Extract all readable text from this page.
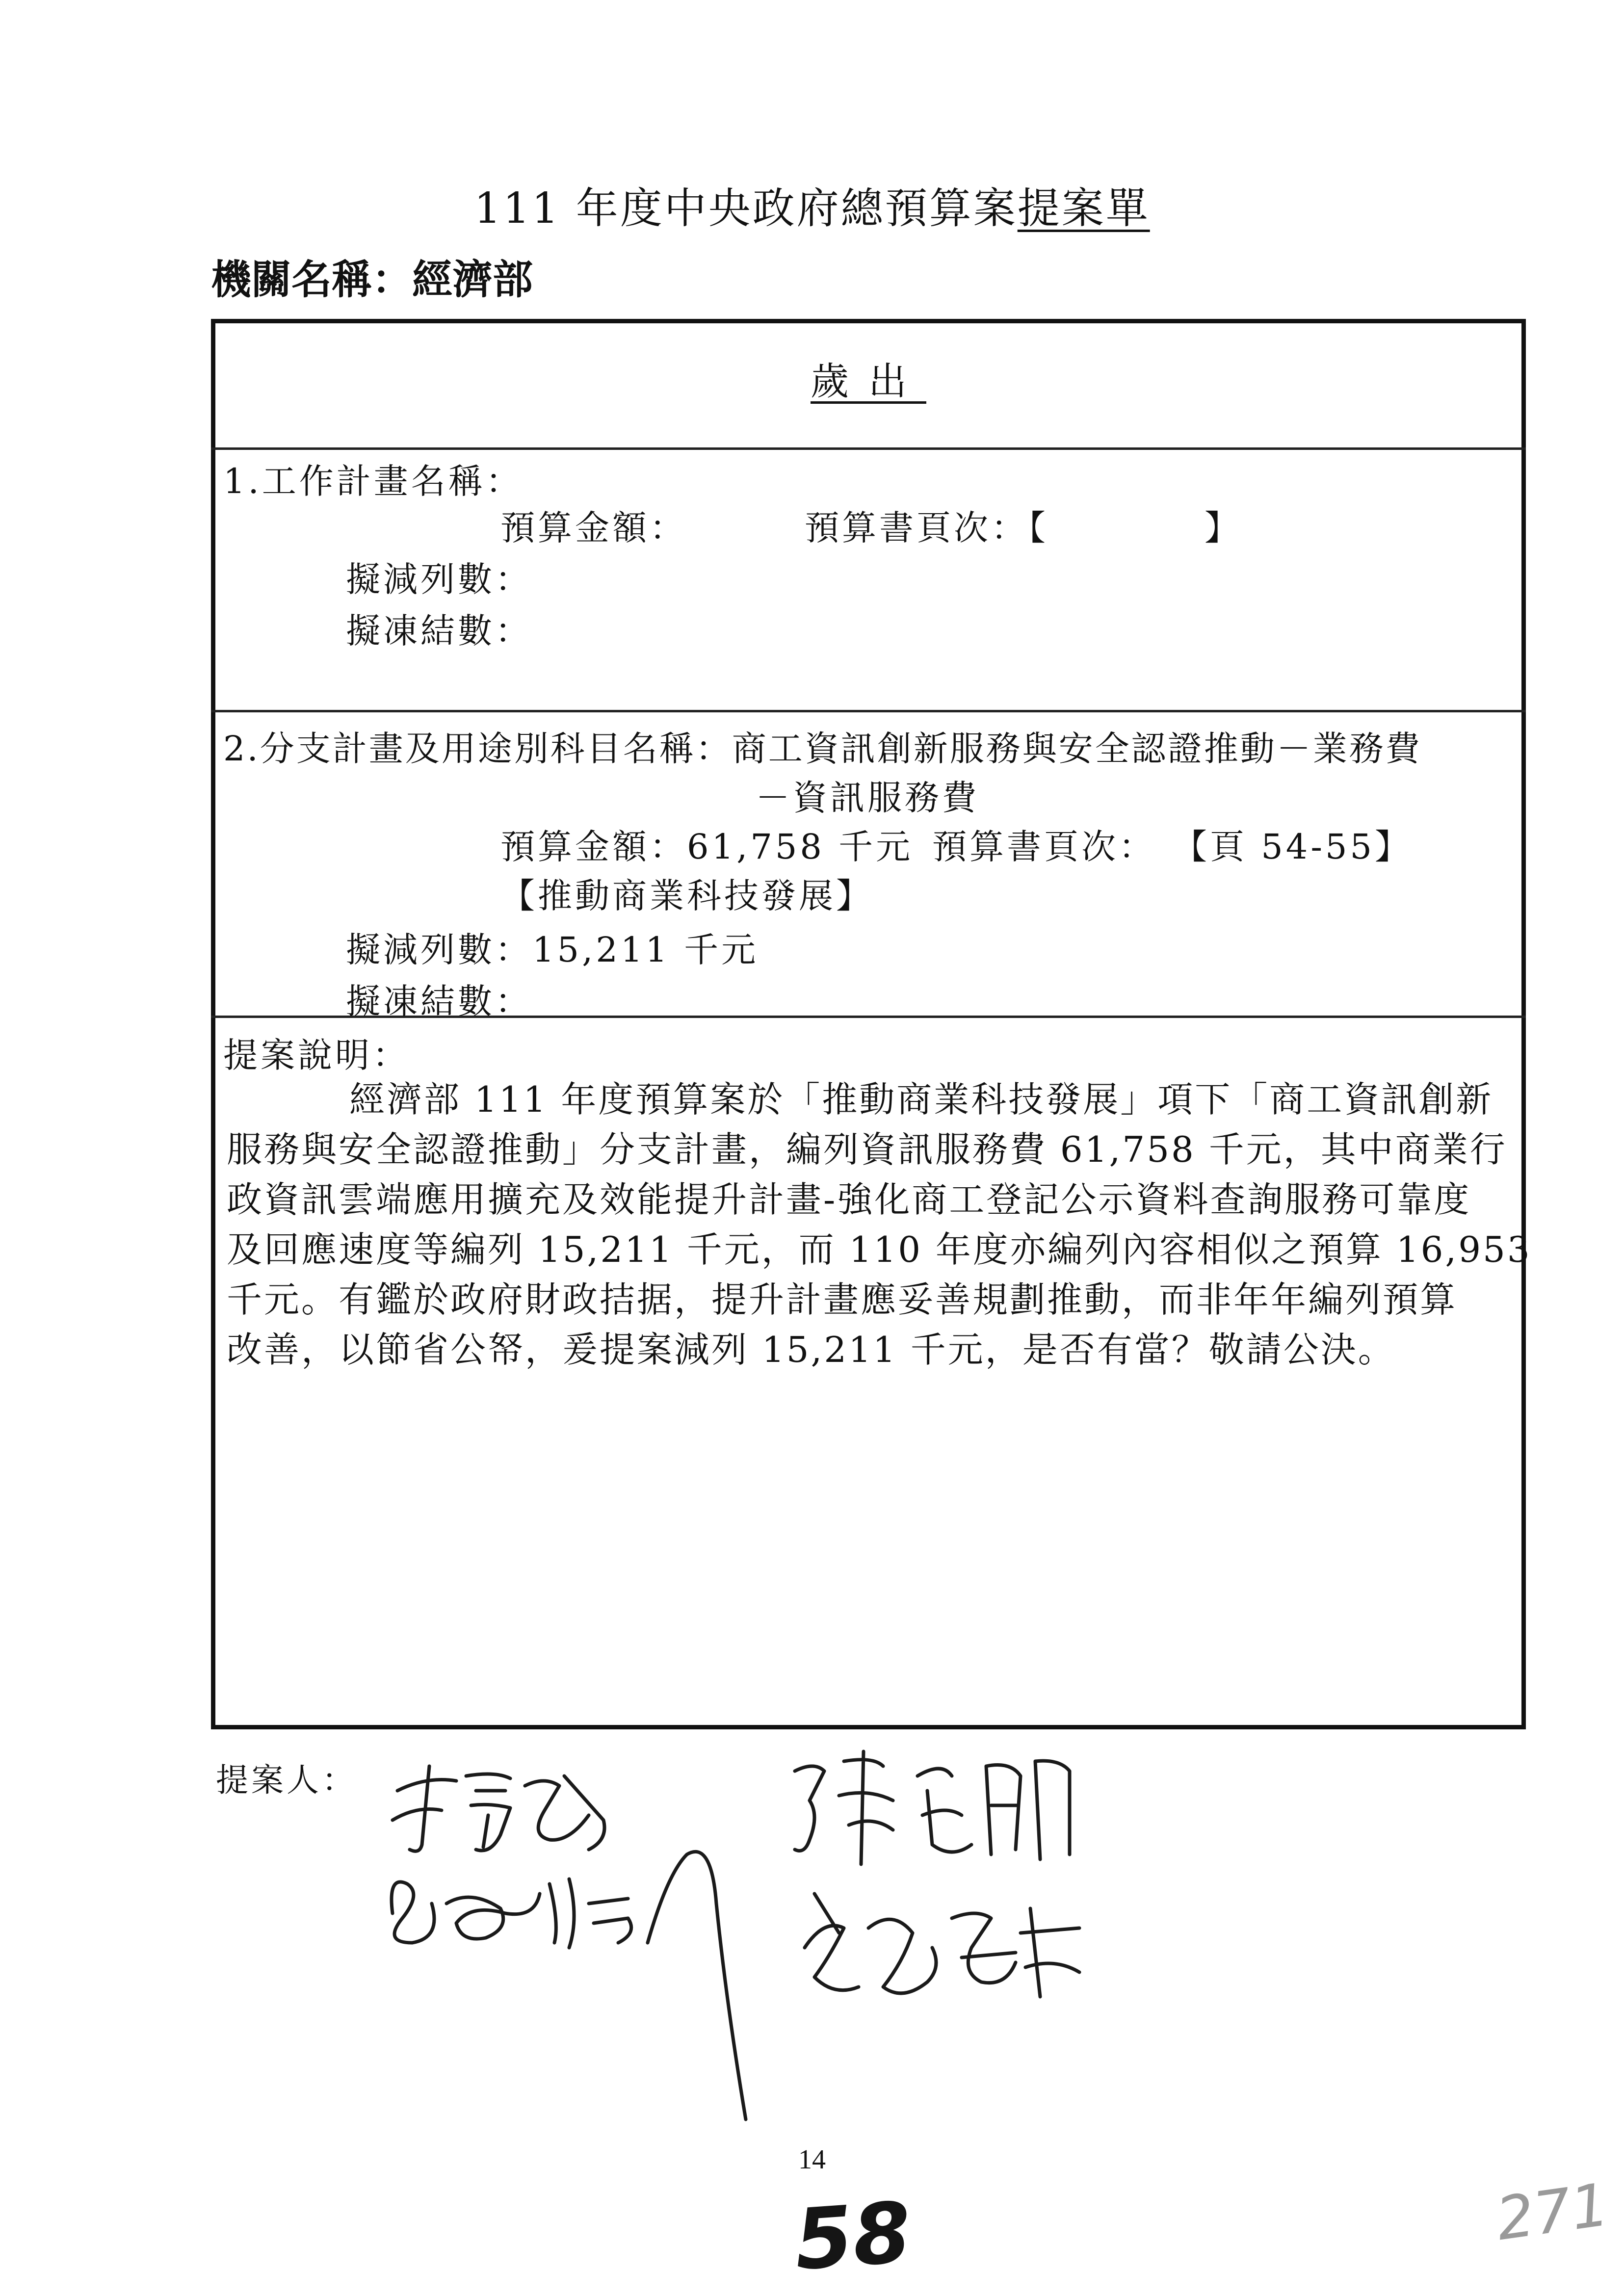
111 年度中央政府總預算案提案單
機關名稱：經濟部
歲出
1.工作計畫名稱：
預算金額：	預算書頁次：【	】
擬減列數：
擬凍結數：
2.分支計畫及用途別科目名稱：商工資訊創新服務與安全認證推動－業務費
－資訊服務費
預算金額：61,758 千元 預算書頁次： 【頁 54-55】
【推動商業科技發展】
擬減列數：15,211 千元
擬凍結數：
提案說明：
經濟部 111 年度預算案於「推動商業科技發展」項下「商工資訊創新
服務與安全認證推動」分支計畫，編列資訊服務費 61,758 千元，其中商業行
政資訊雲端應用擴充及效能提升計畫-強化商工登記公示資料查詢服務可靠度
及回應速度等編列 15,211 千元，而 110 年度亦編列內容相似之預算 16,953
千元。有鑑於政府財政拮据，提升計畫應妥善規劃推動，而非年年編列預算
改善，以節省公帑，爰提案減列 15,211 千元，是否有當？敬請公決。
提案人：
14
58	271
